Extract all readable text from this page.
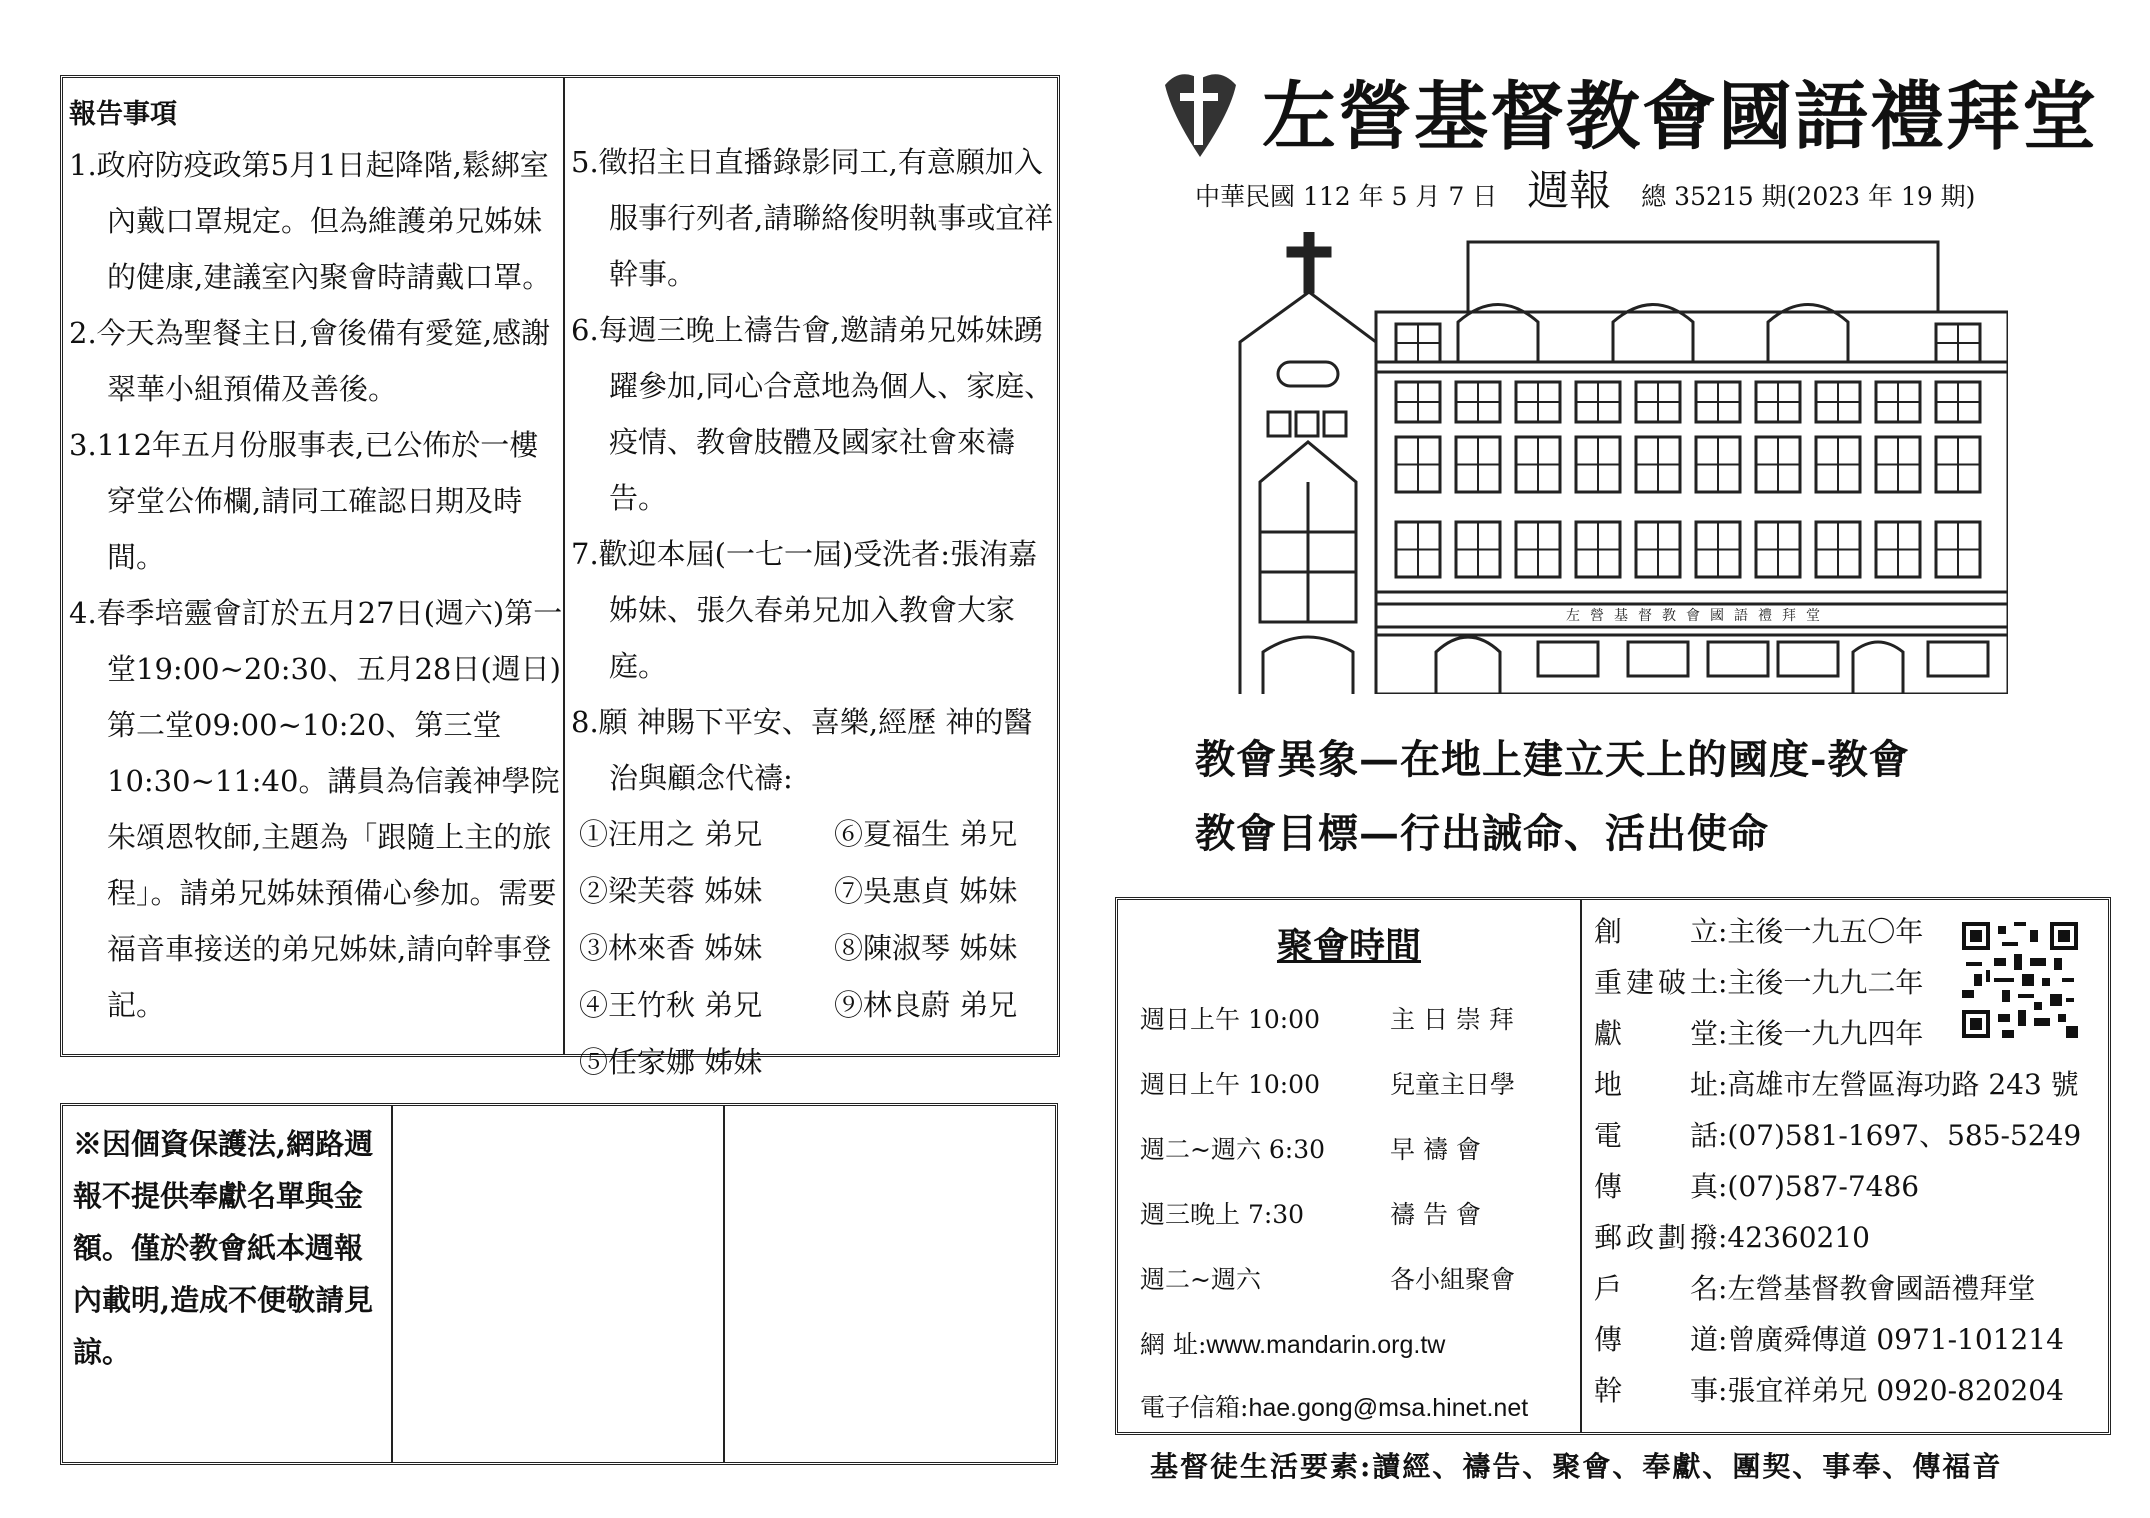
報告事項
1.政府防疫政第5月1日起降階,鬆綁室內戴口罩規定。但為維護弟兄姊妹的健康,建議室內聚會時請戴口罩。
2.今天為聖餐主日,會後備有愛筵,感謝翠華小組預備及善後。
3.112年五月份服事表,已公佈於一樓穿堂公佈欄,請同工確認日期及時間。
4.春季培靈會訂於五月27日(週六)第一堂19:00~20:30、五月28日(週日)第二堂09:00~10:20、第三堂10:30~11:40。講員為信義神學院朱頌恩牧師,主題為「跟隨上主的旅程」。請弟兄姊妹預備心參加。需要福音車接送的弟兄姊妹,請向幹事登記。
5.徵招主日直播錄影同工,有意願加入服事行列者,請聯絡俊明執事或宜祥幹事。
6.每週三晚上禱告會,邀請弟兄姊妹踴躍參加,同心合意地為個人、家庭、疫情、教會肢體及國家社會來禱告。
7.歡迎本屆(一七一屆)受洗者:張洧嘉姊妹、張久春弟兄加入教會大家庭。
8.願 神賜下平安、喜樂,經歷 神的醫治與顧念代禱:
①汪用之 弟兄	⑥夏福生 弟兄
②梁芙蓉 姊妹	⑦吳惠貞 姊妹
③林來香 姊妹	⑧陳淑琴 姊妹
④王竹秋 弟兄	⑨林良蔚 弟兄
⑤任家娜 姊妹
※因個資保護法,網路週報不提供奉獻名單與金額。僅於教會紙本週報內載明,造成不便敬請見諒。
左營基督教會國語禮拜堂
中華民國 112 年 5 月 7 日 週報 總 35215 期(2023 年 19 期)
左營基督教會國語禮拜堂
教會異象—在地上建立天上的國度-教會
教會目標—行出誡命、活出使命
聚會時間
週日上午 10:00	主 日 崇 拜
週日上午 10:00	兒童主日學
週二~週六 6:30	早 禱 會
週三晚上 7:30	禱 告 會
週二~週六	各小組聚會
網 址:www.mandarin.org.tw
電子信箱:hae.gong@msa.hinet.net
創立:主後一九五〇年
重建破土:主後一九九二年
獻堂:主後一九九四年
地址:高雄市左營區海功路 243 號
電話:(07)581-1697、585-5249
傳真:(07)587-7486
郵政劃撥:42360210
戶名:左營基督教會國語禮拜堂
傳道:曾廣舜傳道 0971-101214
幹事:張宜祥弟兄 0920-820204
基督徒生活要素:讀經、禱告、聚會、奉獻、團契、事奉、傳福音
